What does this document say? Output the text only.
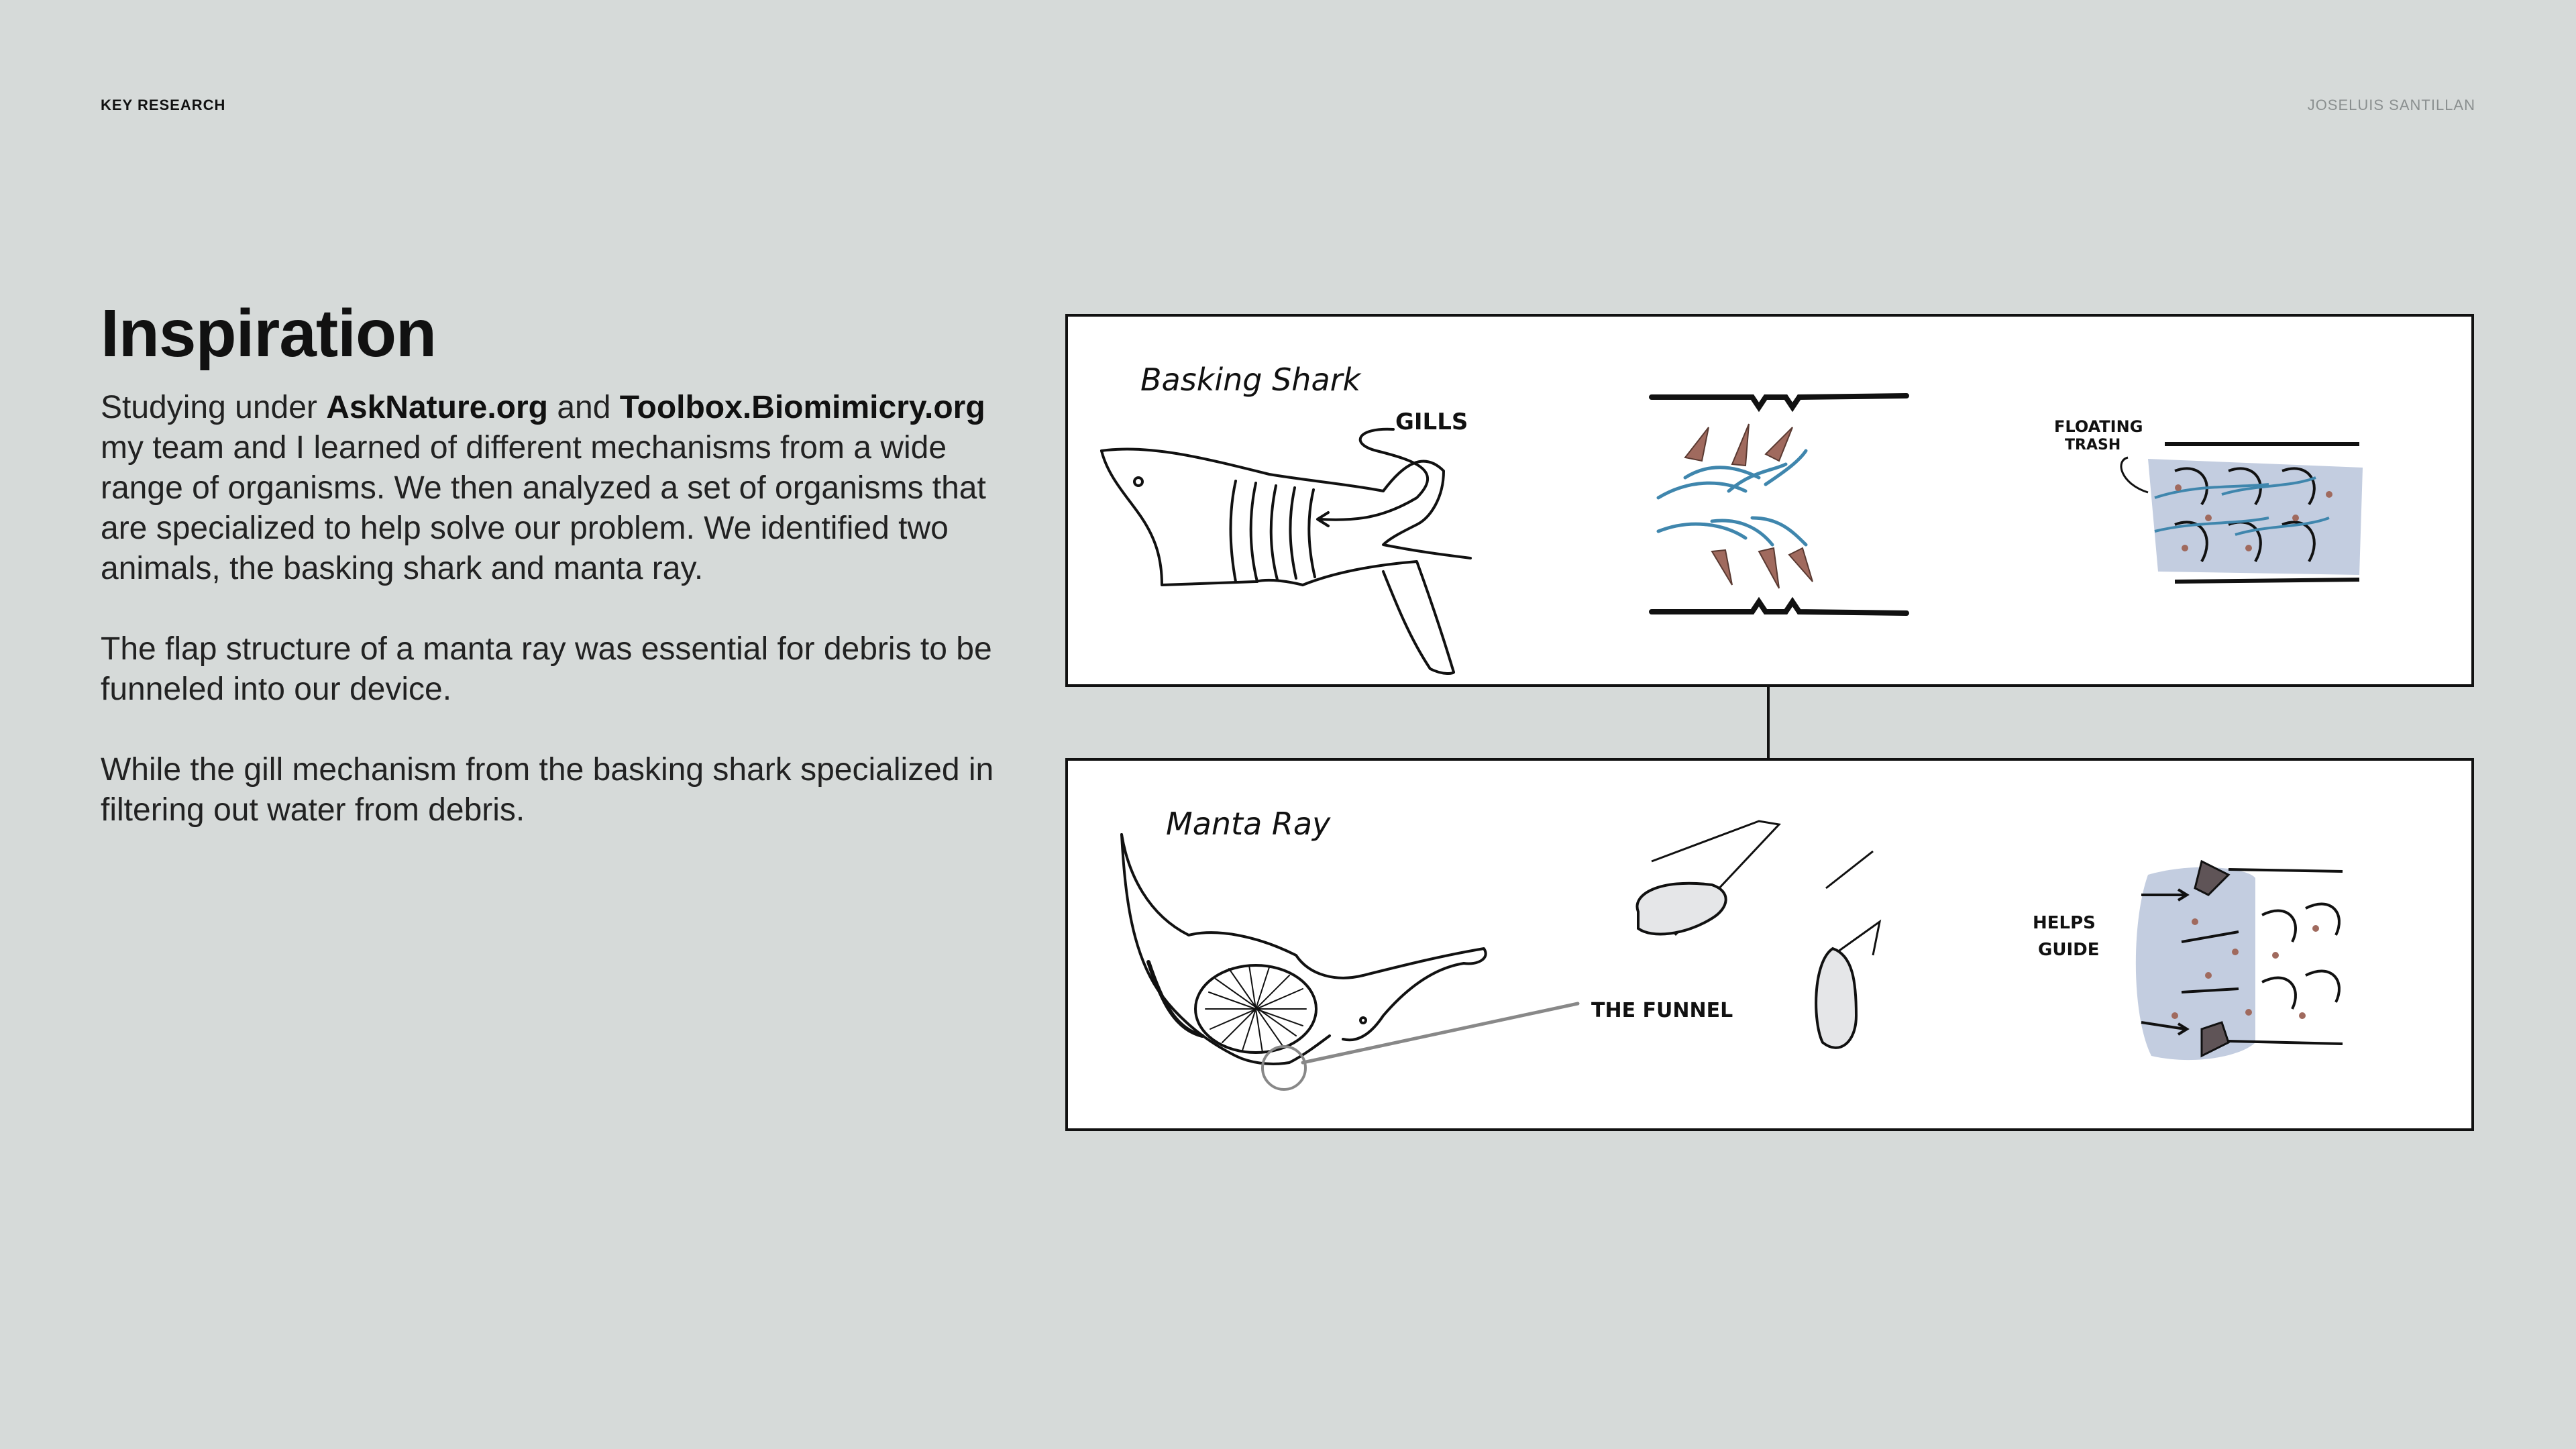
KEY RESEARCH	JOSELUIS SANTILLAN
Inspiration

Studying under AskNature.org and Toolbox.Biomimicry.org my team and I learned of different mechanisms from a wide range of organisms. We then analyzed a set of organisms that are specialized to help solve our problem. We identified two animals, the basking shark and manta ray.

The flap structure of a manta ray was essential for debris to be funneled into our device.

While the gill mechanism from the basking shark specialized in filtering out water from debris.

Basking Shark
GILLS	FLOATING
TRASH
Manta Ray
THE FUNNEL
HELPS
GUIDE
